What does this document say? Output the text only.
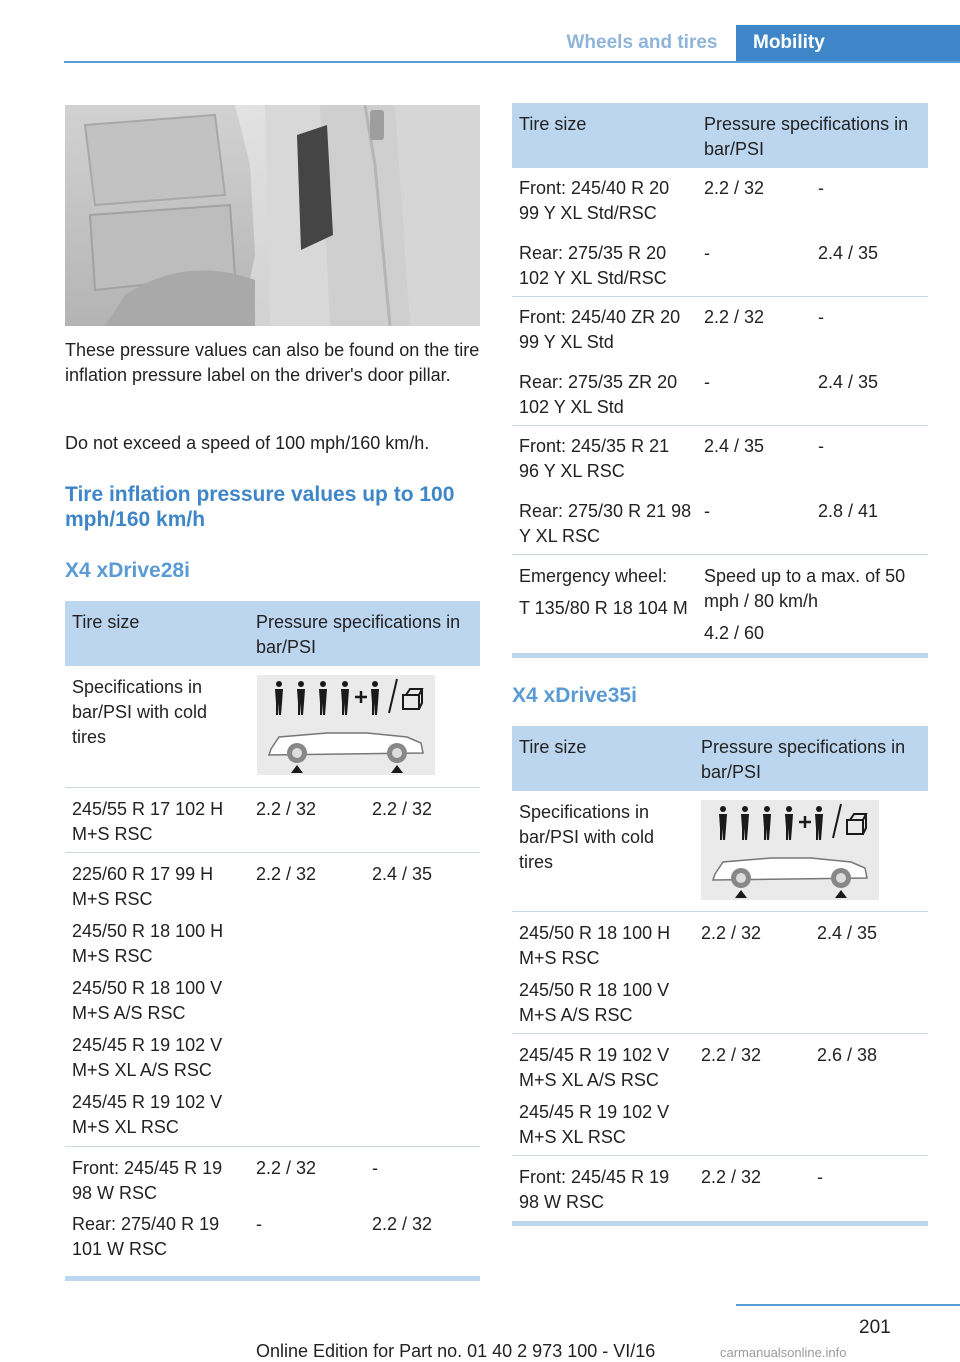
Wheels and tires	Mobility
These pressure values can also be found on the tire inflation pressure label on the driver's door pillar.
Do not exceed a speed of 100 mph/160 km/h.
Tire inflation pressure values up to 100 mph/160 km/h
X4 xDrive28i
Tire size	Pressure specifications in bar/PSI
Specifications in bar/PSI with cold tires

245/55 R 17 102 H M+S RSC

2.2 / 32	2.2 / 32

225/60 R 17 99 H M+S RSC

245/50 R 18 100 H M+S RSC

245/50 R 18 100 V M+S A/S RSC

245/45 R 19 102 V M+S XL A/S RSC

245/45 R 19 102 V M+S XL RSC

2.2 / 32	2.4 / 35

Front: 245/45 R 19 98 W RSC

2.2 / 32	-

Rear: 275/40 R 19 101 W RSC

-	2.2 / 32
Tire size	Pressure specifications in bar/PSI
Front: 245/40 R 20 99 Y XL Std/RSC
2.2 / 32	-
Rear: 275/35 R 20 102 Y XL Std/RSC
-	2.4 / 35
Front: 245/40 ZR 20 99 Y XL Std
2.2 / 32	-
Rear: 275/35 ZR 20 102 Y XL Std
-	2.4 / 35
Front: 245/35 R 21 96 Y XL RSC
2.4 / 35	-
Rear: 275/30 R 21 98 Y XL RSC
-	2.8 / 41

Emergency wheel:

T 135/80 R 18 104 M

Speed up to a max. of 50 mph / 80 km/h

4.2 / 60

X4 xDrive35i
Tire size	Pressure specifications in bar/PSI
Specifications in bar/PSI with cold tires

245/50 R 18 100 H M+S RSC

245/50 R 18 100 V M+S A/S RSC

2.2 / 32	2.4 / 35

245/45 R 19 102 V M+S XL A/S RSC

245/45 R 19 102 V M+S XL RSC

2.2 / 32	2.6 / 38

Front: 245/45 R 19 98 W RSC

2.2 / 32	-
201
Online Edition for Part no. 01 40 2 973 100 - VI/16	carmanualsonline.info
